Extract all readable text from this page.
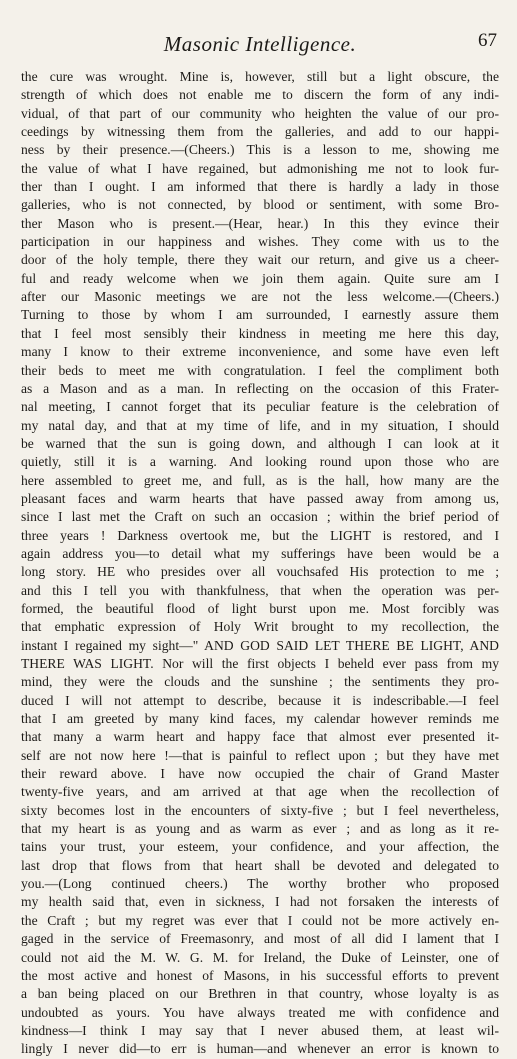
Masonic Intelligence.	67
the cure was wrought. Mine is, however, still but a light obscure, the
strength of which does not enable me to discern the form of any indi-
vidual, of that part of our community who heighten the value of our pro-
ceedings by witnessing them from the galleries, and add to our happi-
ness by their presence.—(Cheers.) This is a lesson to me, showing me
the value of what I have regained, but admonishing me not to look fur-
ther than I ought. I am informed that there is hardly a lady in those
galleries, who is not connected, by blood or sentiment, with some Bro-
ther Mason who is present.—(Hear, hear.) In this they evince their
participation in our happiness and wishes. They come with us to the
door of the holy temple, there they wait our return, and give us a cheer-
ful and ready welcome when we join them again. Quite sure am I
after our Masonic meetings we are not the less welcome.—(Cheers.)
Turning to those by whom I am surrounded, I earnestly assure them
that I feel most sensibly their kindness in meeting me here this day,
many I know to their extreme inconvenience, and some have even left
their beds to meet me with congratulation. I feel the compliment both
as a Mason and as a man. In reflecting on the occasion of this Frater-
nal meeting, I cannot forget that its peculiar feature is the celebration of
my natal day, and that at my time of life, and in my situation, I should
be warned that the sun is going down, and although I can look at it
quietly, still it is a warning. And looking round upon those who are
here assembled to greet me, and full, as is the hall, how many are the
pleasant faces and warm hearts that have passed away from among us,
since I last met the Craft on such an occasion ; within the brief period of
three years ! Darkness overtook me, but the LIGHT is restored, and I
again address you—to detail what my sufferings have been would be a
long story. HE who presides over all vouchsafed His protection to me ;
and this I tell you with thankfulness, that when the operation was per-
formed, the beautiful flood of light burst upon me. Most forcibly was
that emphatic expression of Holy Writ brought to my recollection, the
instant I regained my sight—" AND GOD SAID LET THERE BE LIGHT, AND
THERE WAS LIGHT. Nor will the first objects I beheld ever pass from my
mind, they were the clouds and the sunshine ; the sentiments they pro-
duced I will not attempt to describe, because it is indescribable.—I feel
that I am greeted by many kind faces, my calendar however reminds me
that many a warm heart and happy face that almost ever presented it-
self are not now here !—that is painful to reflect upon ; but they have met
their reward above. I have now occupied the chair of Grand Master
twenty-five years, and am arrived at that age when the recollection of
sixty becomes lost in the encounters of sixty-five ; but I feel nevertheless,
that my heart is as young and as warm as ever ; and as long as it re-
tains your trust, your esteem, your confidence, and your affection, the
last drop that flows from that heart shall be devoted and delegated to
you.—(Long continued cheers.) The worthy brother who proposed
my health said that, even in sickness, I had not forsaken the interests of
the Craft ; but my regret was ever that I could not be more actively en-
gaged in the service of Freemasonry, and most of all did I lament that I
could not aid the M. W. G. M. for Ireland, the Duke of Leinster, one of
the most active and honest of Masons, in his successful efforts to prevent
a ban being placed on our Brethren in that country, whose loyalty is as
undoubted as yours. You have always treated me with confidence and
kindness—I think I may say that I never abused them, at least wil-
lingly I never did—to err is human—and whenever an error is known to
